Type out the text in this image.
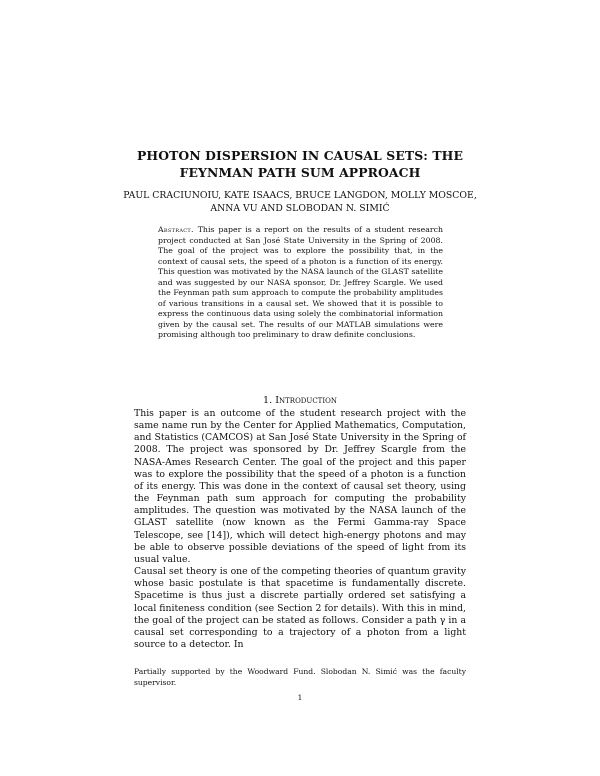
PHOTON DISPERSION IN CAUSAL SETS: THE
FEYNMAN PATH SUM APPROACH
PAUL CRACIUNOIU, KATE ISAACS, BRUCE LANGDON, MOLLY MOSCOE,
ANNA VU AND SLOBODAN N. SIMIĆ
Abstract. This paper is a report on the results of a student research project conducted at San José State University in the Spring of 2008. The goal of the project was to explore the possibility that, in the context of causal sets, the speed of a photon is a function of its energy. This question was motivated by the NASA launch of the GLAST satellite and was suggested by our NASA sponsor, Dr. Jeffrey Scargle. We used the Feynman path sum approach to compute the probability amplitudes of various transitions in a causal set. We showed that it is possible to express the continuous data using solely the combinatorial information given by the causal set. The results of our MATLAB simulations were promising although too preliminary to draw definite conclusions.
1. Introduction

This paper is an outcome of the student research project with the same name run by the Center for Applied Mathematics, Computation, and Statistics (CAMCOS) at San José State University in the Spring of 2008. The project was sponsored by Dr. Jeffrey Scargle from the NASA-Ames Research Center. The goal of the project and this paper was to explore the possibility that the speed of a photon is a function of its energy. This was done in the context of causal set theory, using the Feynman path sum approach for computing the probability amplitudes. The question was motivated by the NASA launch of the GLAST satellite (now known as the Fermi Gamma-ray Space Telescope, see [14]), which will detect high-energy photons and may be able to observe possible deviations of the speed of light from its usual value.

Causal set theory is one of the competing theories of quantum gravity whose basic postulate is that spacetime is fundamentally discrete. Spacetime is thus just a discrete partially ordered set satisfying a local finiteness condition (see Section 2 for details). With this in mind, the goal of the project can be stated as follows. Consider a path γ in a causal set corresponding to a trajectory of a photon from a light source to a detector. In

Partially supported by the Woodward Fund. Slobodan N. Simić was the faculty supervisor.
1
